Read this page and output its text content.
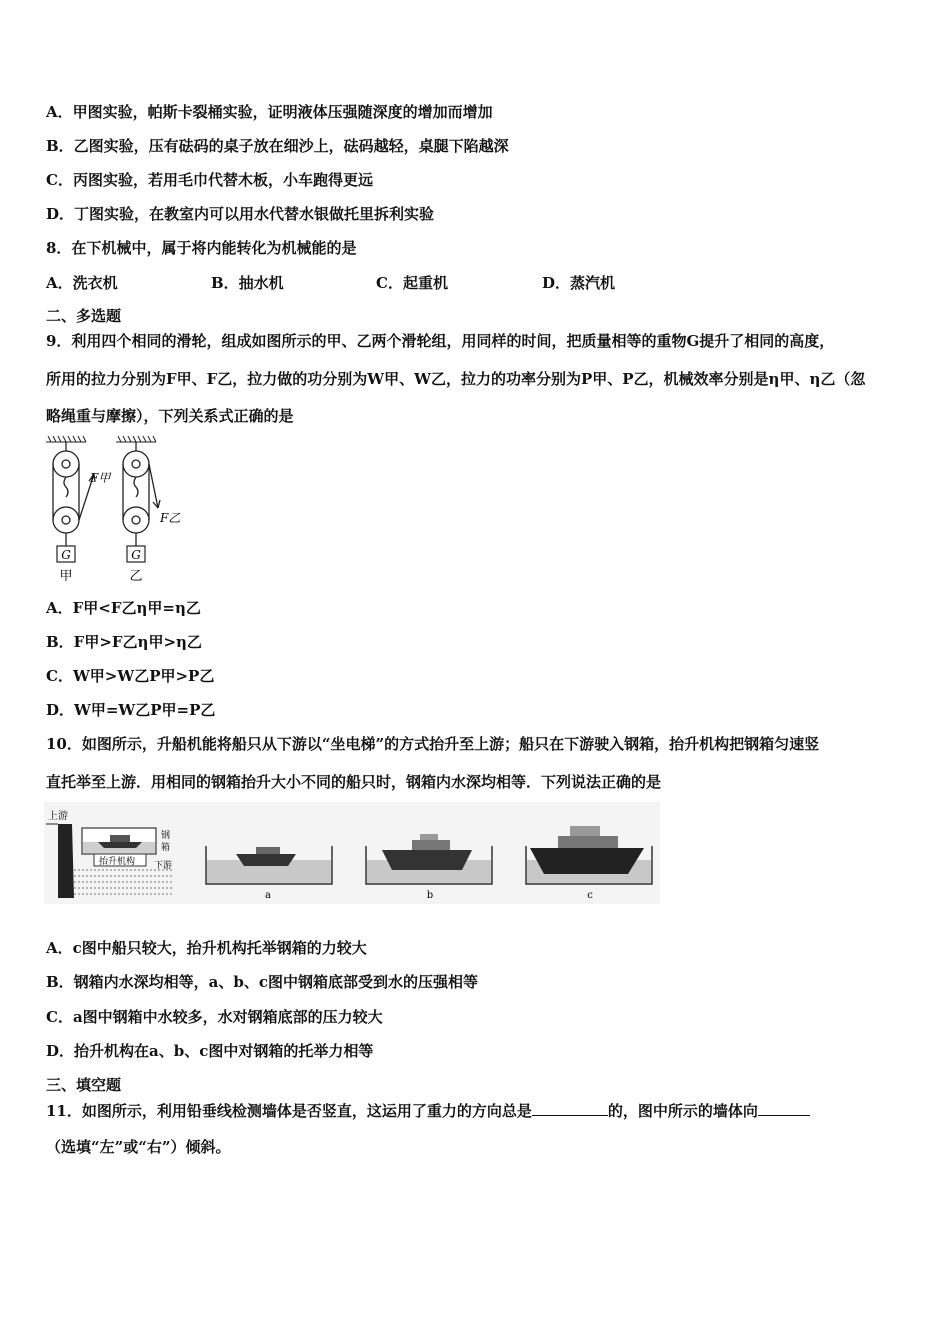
A．甲图实验，帕斯卡裂桶实验，证明液体压强随深度的增加而增加
B．乙图实验，压有砝码的桌子放在细沙上，砝码越轻，桌腿下陷越深
C．丙图实验，若用毛巾代替木板，小车跑得更远
D．丁图实验，在教室内可以用水代替水银做托里拆利实验
8．在下机械中，属于将内能转化为机械能的是
A．洗衣机	B．抽水机	C．起重机	D．蒸汽机
二、多选题
9．利用四个相同的滑轮，组成如图所示的甲、乙两个滑轮组，用同样的时间，把质量相等的重物G提升了相同的高度，
所用的拉力分别为F甲、F乙，拉力做的功分别为W甲、W乙，拉力的功率分别为P甲、P乙，机械效率分别是η甲、η乙（忽
略绳重与摩擦），下列关系式正确的是
G	G
F甲
F乙
甲	乙
A．F甲<F乙η甲=η乙
B．F甲>F乙η甲>η乙
C．W甲>W乙P甲>P乙
D．W甲=W乙P甲=P乙
10．如图所示，升船机能将船只从下游以“坐电梯”的方式抬升至上游；船只在下游驶入钢箱，抬升机构把钢箱匀速竖
直托举至上游．用相同的钢箱抬升大小不同的船只时，钢箱内水深均相等．下列说法正确的是
上游
钢
箱
抬升机构 下游
a	b	c
A．c图中船只较大，抬升机构托举钢箱的力较大
B．钢箱内水深均相等，a、b、c图中钢箱底部受到水的压强相等
C．a图中钢箱中水较多，水对钢箱底部的压力较大
D．抬升机构在a、b、c图中对钢箱的托举力相等
三、填空题
11．如图所示，利用铅垂线检测墙体是否竖直，这运用了重力的方向总是	的，图中所示的墙体向
（选填“左”或“右”）倾斜。
